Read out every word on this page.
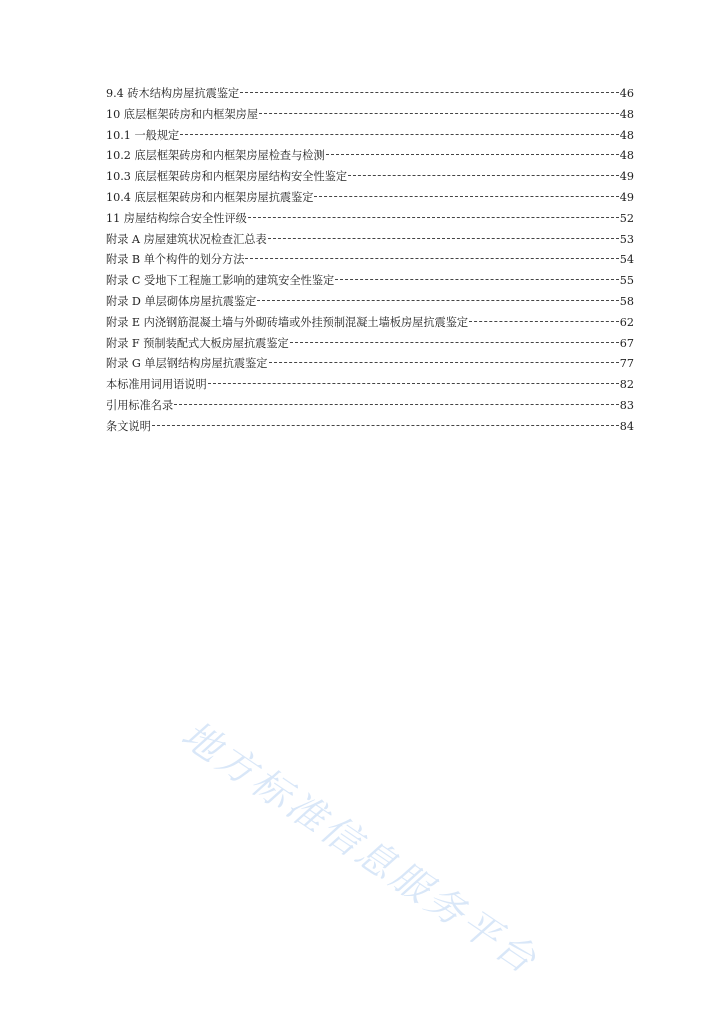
9.4 砖木结构房屋抗震鉴定	46
10 底层框架砖房和内框架房屋	48
10.1 一般规定	48
10.2 底层框架砖房和内框架房屋检查与检测	48
10.3 底层框架砖房和内框架房屋结构安全性鉴定	49
10.4 底层框架砖房和内框架房屋抗震鉴定	49
11 房屋结构综合安全性评级	52
附录 A 房屋建筑状况检查汇总表	53
附录 B 单个构件的划分方法	54
附录 C 受地下工程施工影响的建筑安全性鉴定	55
附录 D 单层砌体房屋抗震鉴定	58
附录 E 内浇钢筋混凝土墙与外砌砖墙或外挂预制混凝土墙板房屋抗震鉴定	62
附录 F 预制装配式大板房屋抗震鉴定	67
附录 G 单层钢结构房屋抗震鉴定	77
本标准用词用语说明	82
引用标准名录	83
条文说明	84
地方标准信息服务平台
